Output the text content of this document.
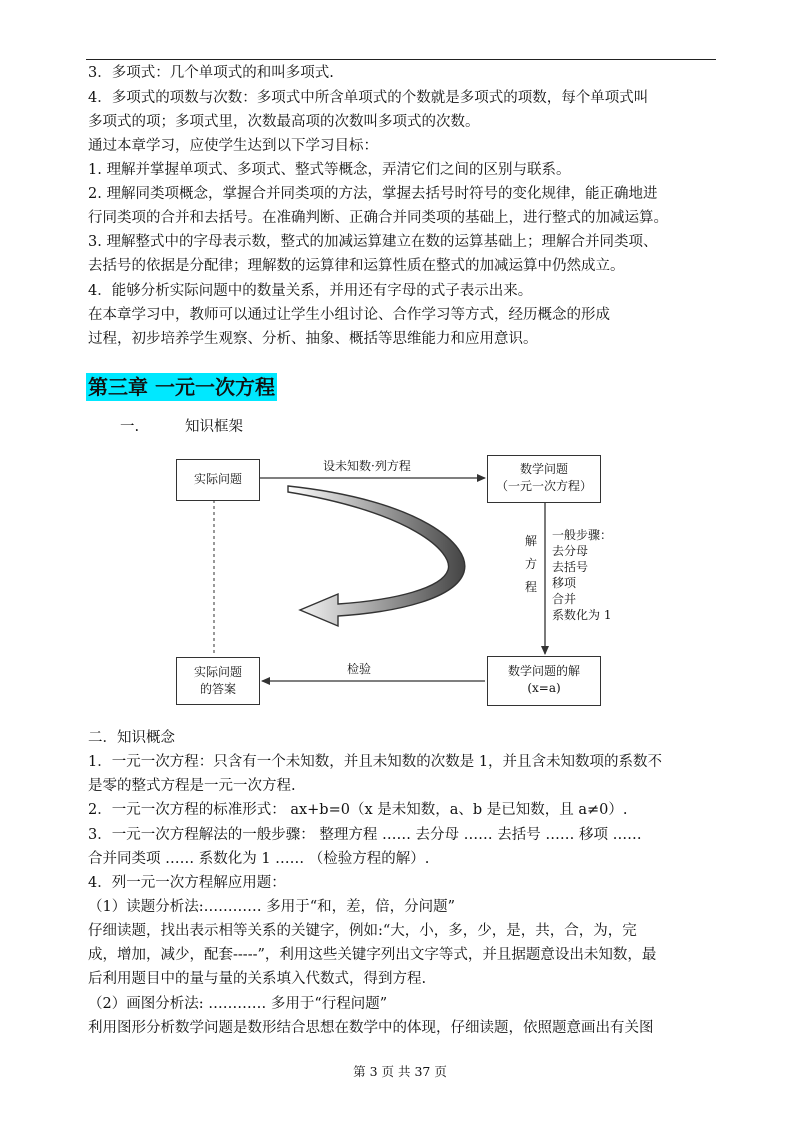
3．多项式：几个单项式的和叫多项式.
4．多项式的项数与次数：多项式中所含单项式的个数就是多项式的项数，每个单项式叫
多项式的项；多项式里，次数最高项的次数叫多项式的次数。
通过本章学习，应使学生达到以下学习目标：
1. 理解并掌握单项式、多项式、整式等概念，弄清它们之间的区别与联系。
2. 理解同类项概念，掌握合并同类项的方法，掌握去括号时符号的变化规律，能正确地进
行同类项的合并和去括号。在准确判断、正确合并同类项的基础上，进行整式的加减运算。
3. 理解整式中的字母表示数，整式的加减运算建立在数的运算基础上；理解合并同类项、
去括号的依据是分配律；理解数的运算律和运算性质在整式的加减运算中仍然成立。
4．能够分析实际问题中的数量关系，并用还有字母的式子表示出来。
在本章学习中，教师可以通过让学生小组讨论、合作学习等方式，经历概念的形成
过程，初步培养学生观察、分析、抽象、概括等思维能力和应用意识。
第三章 一元一次方程
一.	知识框架
实际问题
数学问题
（一元一次方程）
实际问题
的答案
数学问题的解
(x=a)
设未知数·列方程
检验
解
方
程
一般步骤：
去分母
去括号
移项
合并
系数化为 1
二．知识概念
1．一元一次方程：只含有一个未知数，并且未知数的次数是 1，并且含未知数项的系数不
是零的整式方程是一元一次方程.
2．一元一次方程的标准形式： ax+b=0（x 是未知数，a、b 是已知数，且 a≠0）.
3．一元一次方程解法的一般步骤： 整理方程 …… 去分母 …… 去括号 …… 移项 ……
合并同类项 …… 系数化为 1 …… （检验方程的解）.
4．列一元一次方程解应用题：
（1）读题分析法:………… 多用于“和，差，倍，分问题”
仔细读题，找出表示相等关系的关键字，例如:“大，小，多，少，是，共，合，为，完
成，增加，减少，配套-----”，利用这些关键字列出文字等式，并且据题意设出未知数，最
后利用题目中的量与量的关系填入代数式，得到方程.
（2）画图分析法: ………… 多用于“行程问题”
利用图形分析数学问题是数形结合思想在数学中的体现，仔细读题，依照题意画出有关图
第 3 页 共 37 页
